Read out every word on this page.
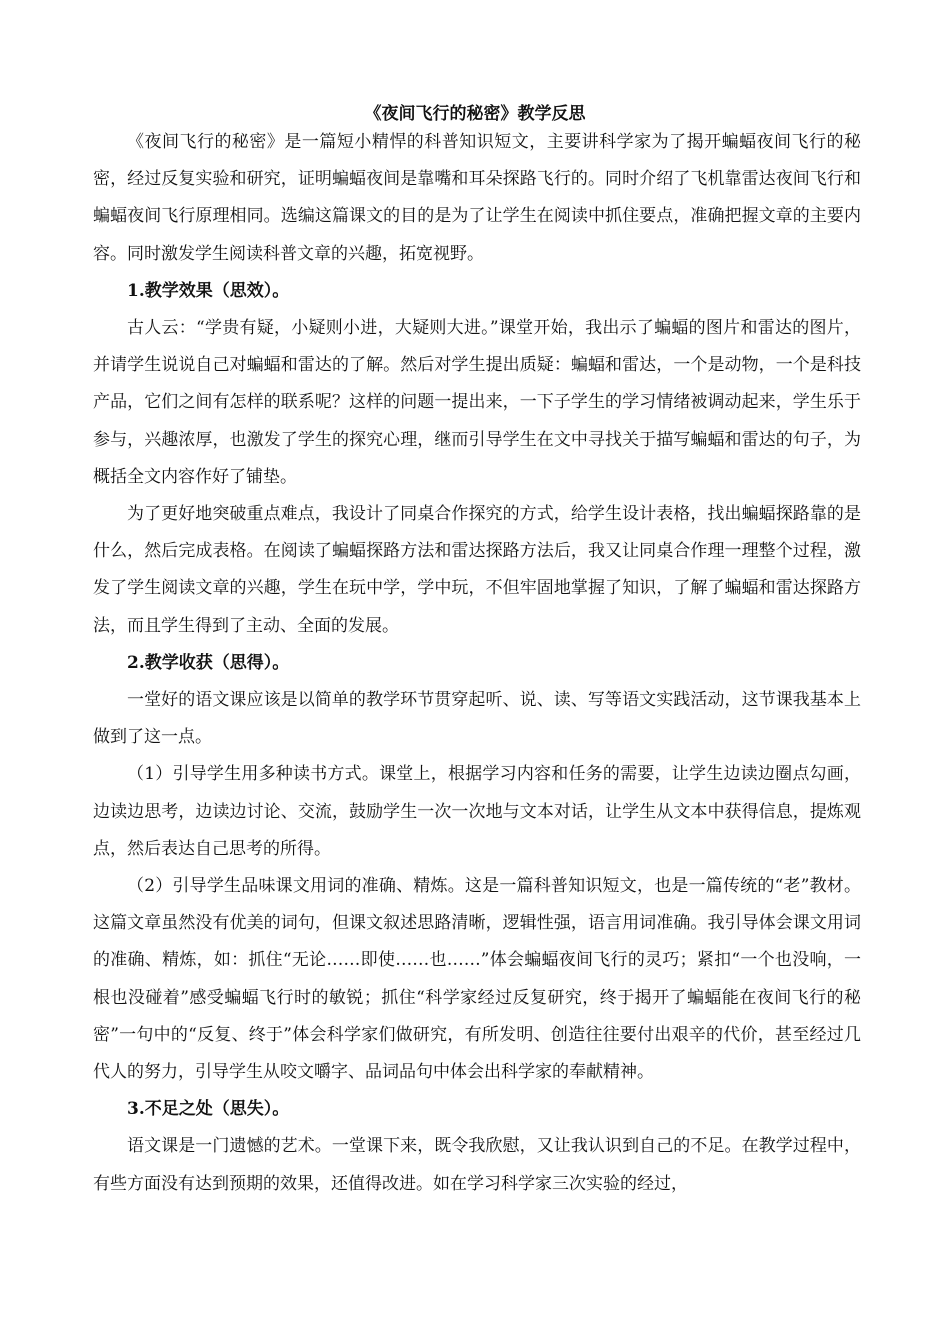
《夜间飞行的秘密》教学反思

《夜间飞行的秘密》是一篇短小精悍的科普知识短文，主要讲科学家为了揭开蝙蝠夜间飞行的秘密，经过反复实验和研究，证明蝙蝠夜间是靠嘴和耳朵探路飞行的。同时介绍了飞机靠雷达夜间飞行和蝙蝠夜间飞行原理相同。选编这篇课文的目的是为了让学生在阅读中抓住要点，准确把握文章的主要内容。同时激发学生阅读科普文章的兴趣，拓宽视野。

1.教学效果（思效）。

古人云：“学贵有疑，小疑则小进，大疑则大进。”课堂开始，我出示了蝙蝠的图片和雷达的图片，并请学生说说自己对蝙蝠和雷达的了解。然后对学生提出质疑：蝙蝠和雷达，一个是动物，一个是科技产品，它们之间有怎样的联系呢？这样的问题一提出来，一下子学生的学习情绪被调动起来，学生乐于参与，兴趣浓厚，也激发了学生的探究心理，继而引导学生在文中寻找关于描写蝙蝠和雷达的句子，为概括全文内容作好了铺垫。

为了更好地突破重点难点，我设计了同桌合作探究的方式，给学生设计表格，找出蝙蝠探路靠的是什么，然后完成表格。在阅读了蝙蝠探路方法和雷达探路方法后，我又让同桌合作理一理整个过程，激发了学生阅读文章的兴趣，学生在玩中学，学中玩，不但牢固地掌握了知识，了解了蝙蝠和雷达探路方法，而且学生得到了主动、全面的发展。

2.教学收获（思得）。

一堂好的语文课应该是以简单的教学环节贯穿起听、说、读、写等语文实践活动，这节课我基本上做到了这一点。

（1）引导学生用多种读书方式。课堂上，根据学习内容和任务的需要，让学生边读边圈点勾画，边读边思考，边读边讨论、交流，鼓励学生一次一次地与文本对话，让学生从文本中获得信息，提炼观点，然后表达自己思考的所得。

（2）引导学生品味课文用词的准确、精炼。这是一篇科普知识短文，也是一篇传统的“老”教材。这篇文章虽然没有优美的词句，但课文叙述思路清晰，逻辑性强，语言用词准确。我引导体会课文用词的准确、精炼，如：抓住“无论……即使……也……”体会蝙蝠夜间飞行的灵巧；紧扣“一个也没响，一根也没碰着”感受蝙蝠飞行时的敏锐；抓住“科学家经过反复研究，终于揭开了蝙蝠能在夜间飞行的秘密”一句中的“反复、终于”体会科学家们做研究，有所发明、创造往往要付出艰辛的代价，甚至经过几代人的努力，引导学生从咬文嚼字、品词品句中体会出科学家的奉献精神。

3.不足之处（思失）。

语文课是一门遗憾的艺术。一堂课下来，既令我欣慰，又让我认识到自己的不足。在教学过程中，有些方面没有达到预期的效果，还值得改进。如在学习科学家三次实验的经过，
